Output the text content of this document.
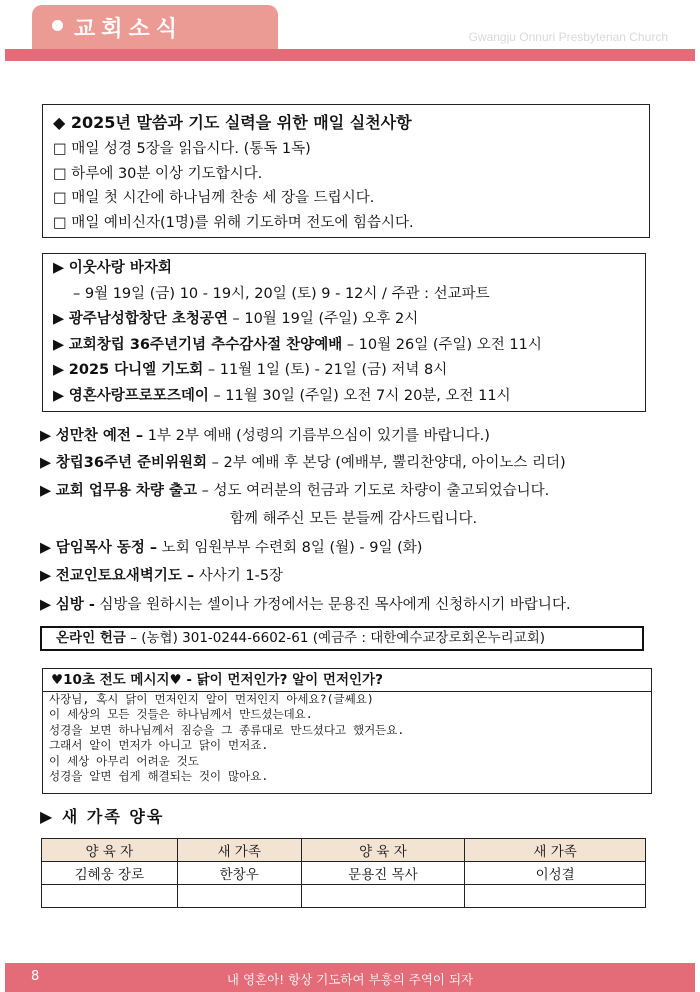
교회소식	Gwangju Onnuri Presbyterian Church
◆ 2025년 말씀과 기도 실력을 위한 매일 실천사항
□ 매일 성경 5장을 읽읍시다. (통독 1독)
□ 하루에 30분 이상 기도합시다.
□ 매일 첫 시간에 하나님께 찬송 세 장을 드립시다.
□ 매일 예비신자(1명)를 위해 기도하며 전도에 힘씁시다.
▶ 이웃사랑 바자회
– 9월 19일 (금) 10 - 19시, 20일 (토) 9 - 12시 / 주관 : 선교파트
▶ 광주남성합창단 초청공연 – 10월 19일 (주일) 오후 2시
▶ 교회창립 36주년기념 추수감사절 찬양예배 – 10월 26일 (주일) 오전 11시
▶ 2025 다니엘 기도회 – 11월 1일 (토) - 21일 (금) 저녁 8시
▶ 영혼사랑프로포즈데이 – 11월 30일 (주일) 오전 7시 20분, 오전 11시
▶ 성만찬 예전 – 1부 2부 예배 (성령의 기름부으심이 있기를 바랍니다.)
▶ 창립36주년 준비위원회 – 2부 예배 후 본당 (예배부, 뿔리찬양대, 아이노스 리더)
▶ 교회 업무용 차량 출고 – 성도 여러분의 헌금과 기도로 차량이 출고되었습니다.
함께 해주신 모든 분들께 감사드립니다.
▶ 담임목사 동정 – 노회 임원부부 수련회 8일 (월) - 9일 (화)
▶ 전교인토요새벽기도 – 사사기 1-5장
▶ 심방 - 심방을 원하시는 셀이나 가정에서는 문용진 목사에게 신청하시기 바랍니다.
온라인 헌금 – (농협) 301-0244-6602-61 (예금주 : 대한예수교장로회온누리교회)
♥10초 전도 메시지♥ - 닭이 먼저인가? 알이 먼저인가?
사장님, 혹시 닭이 먼저인지 알이 먼저인지 아세요?(글쎄요)
이 세상의 모든 것들은 하나님께서 만드셨는데요.
성경을 보면 하나님께서 짐승을 그 종류대로 만드셨다고 했거든요.
그래서 알이 먼저가 아니고 닭이 먼저죠.
이 세상 아무리 어려운 것도
성경을 알면 쉽게 해결되는 것이 많아요.
▶ 새 가족 양육
양 육 자	새 가족	양 육 자	새 가족
김혜웅 장로	한창우	문용진 목사	이성결

8	내 영혼아! 항상 기도하여 부흥의 주역이 되자
